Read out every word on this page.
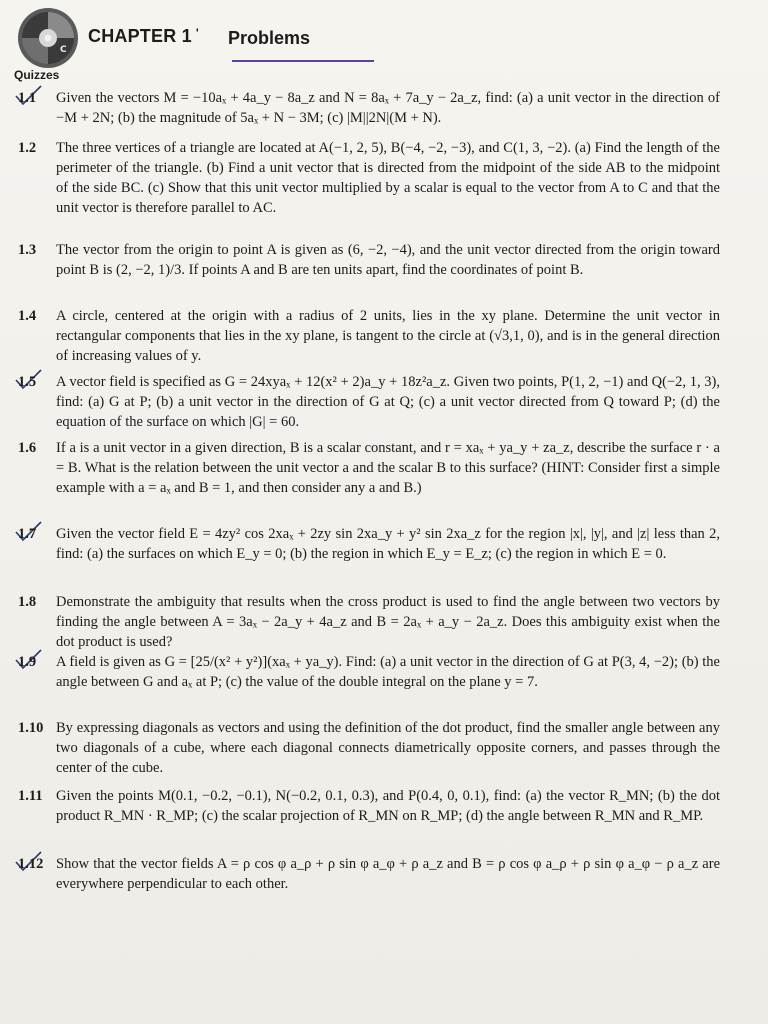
C
CHAPTER 1 '	Problems
Quizzes
1.1	Given the vectors M = −10aₓ + 4a_y − 8a_z and N = 8aₓ + 7a_y − 2a_z, find: (a) a unit vector in the direction of −M + 2N; (b) the magnitude of 5aₓ + N − 3M; (c) |M||2N|(M + N).
1.2	The three vertices of a triangle are located at A(−1, 2, 5), B(−4, −2, −3), and C(1, 3, −2). (a) Find the length of the perimeter of the triangle. (b) Find a unit vector that is directed from the midpoint of the side AB to the midpoint of the side BC. (c) Show that this unit vector multiplied by a scalar is equal to the vector from A to C and that the unit vector is therefore parallel to AC.
1.3	The vector from the origin to point A is given as (6, −2, −4), and the unit vector directed from the origin toward point B is (2, −2, 1)/3. If points A and B are ten units apart, find the coordinates of point B.
1.4	A circle, centered at the origin with a radius of 2 units, lies in the xy plane. Determine the unit vector in rectangular components that lies in the xy plane, is tangent to the circle at (√3,1, 0), and is in the general direction of increasing values of y.
1.5	A vector field is specified as G = 24xyaₓ + 12(x² + 2)a_y + 18z²a_z. Given two points, P(1, 2, −1) and Q(−2, 1, 3), find: (a) G at P; (b) a unit vector in the direction of G at Q; (c) a unit vector directed from Q toward P; (d) the equation of the surface on which |G| = 60.
1.6	If a is a unit vector in a given direction, B is a scalar constant, and r = xaₓ + ya_y + za_z, describe the surface r · a = B. What is the relation between the unit vector a and the scalar B to this surface? (HINT: Consider first a simple example with a = aₓ and B = 1, and then consider any a and B.)
1.7	Given the vector field E = 4zy² cos 2xaₓ + 2zy sin 2xa_y + y² sin 2xa_z for the region |x|, |y|, and |z| less than 2, find: (a) the surfaces on which E_y = 0; (b) the region in which E_y = E_z; (c) the region in which E = 0.
1.8	Demonstrate the ambiguity that results when the cross product is used to find the angle between two vectors by finding the angle between A = 3aₓ − 2a_y + 4a_z and B = 2aₓ + a_y − 2a_z. Does this ambiguity exist when the dot product is used?
1.9	A field is given as G = [25/(x² + y²)](xaₓ + ya_y). Find: (a) a unit vector in the direction of G at P(3, 4, −2); (b) the angle between G and aₓ at P; (c) the value of the double integral on the plane y = 7.
1.10 By expressing diagonals as vectors and using the definition of the dot product, find the smaller angle between any two diagonals of a cube, where each diagonal connects diametrically opposite corners, and passes through the center of the cube.
1.11 Given the points M(0.1, −0.2, −0.1), N(−0.2, 0.1, 0.3), and P(0.4, 0, 0.1), find: (a) the vector R_MN; (b) the dot product R_MN · R_MP; (c) the scalar projection of R_MN on R_MP; (d) the angle between R_MN and R_MP.
1.12 Show that the vector fields A = ρ cos φ a_ρ + ρ sin φ a_φ + ρ a_z and B = ρ cos φ a_ρ + ρ sin φ a_φ − ρ a_z are everywhere perpendicular to each other.
